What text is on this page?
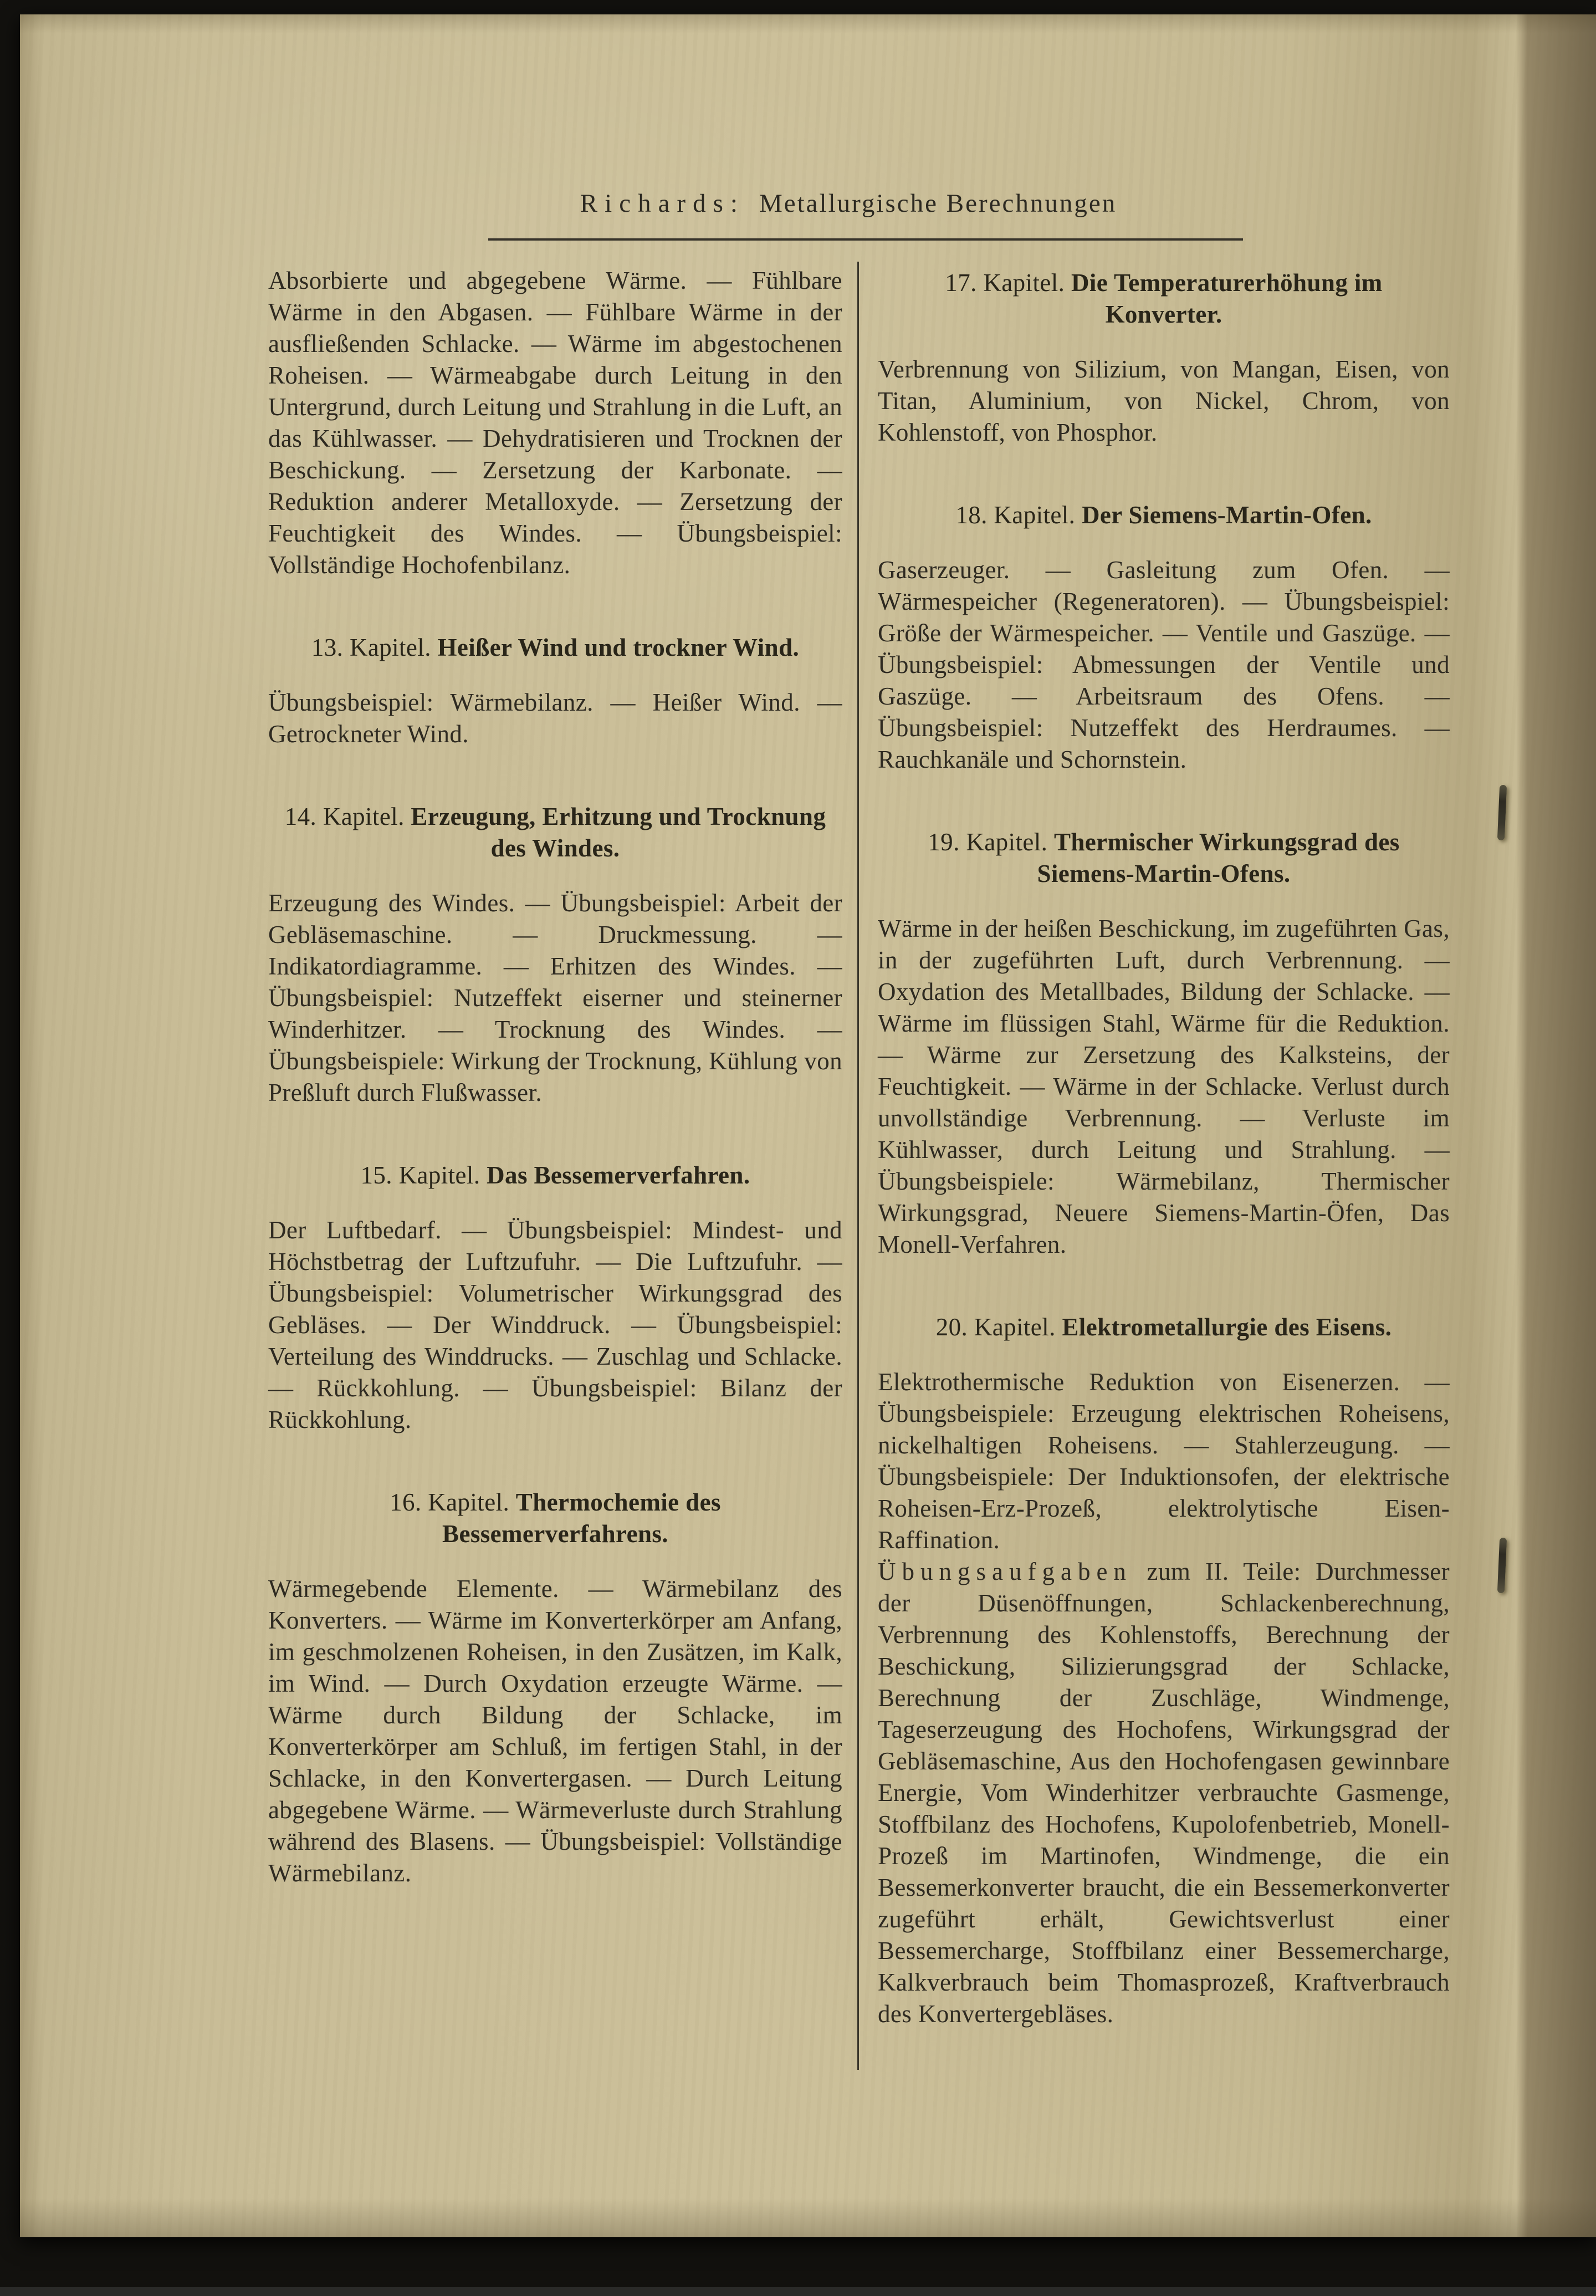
Richards: Metallurgische Berechnungen

Absorbierte und abgegebene Wärme. — Fühlbare Wärme in den Abgasen. — Fühlbare Wärme in der ausfließenden Schlacke. — Wärme im abgestochenen Roheisen. — Wärmeabgabe durch Leitung in den Untergrund, durch Leitung und Strahlung in die Luft, an das Kühlwasser. — Dehydratisieren und Trocknen der Beschickung. — Zersetzung der Karbonate. — Reduktion anderer Metalloxyde. — Zersetzung der Feuchtigkeit des Windes. — Übungsbeispiel: Vollständige Hochofenbilanz.

13. Kapitel. Heißer Wind und trockner Wind.

Übungsbeispiel: Wärmebilanz. — Heißer Wind. — Getrockneter Wind.

14. Kapitel. Erzeugung, Erhitzung und Trocknung des Windes.

Erzeugung des Windes. — Übungsbeispiel: Arbeit der Gebläsemaschine. — Druckmessung. — Indikatordiagramme. — Erhitzen des Windes. — Übungsbeispiel: Nutzeffekt eiserner und steinerner Winderhitzer. — Trocknung des Windes. — Übungsbeispiele: Wirkung der Trocknung, Kühlung von Preßluft durch Flußwasser.

15. Kapitel. Das Bessemerverfahren.

Der Luftbedarf. — Übungsbeispiel: Mindest- und Höchstbetrag der Luftzufuhr. — Die Luftzufuhr. — Übungsbeispiel: Volumetrischer Wirkungsgrad des Gebläses. — Der Winddruck. — Übungsbeispiel: Verteilung des Winddrucks. — Zuschlag und Schlacke. — Rückkohlung. — Übungsbeispiel: Bilanz der Rückkohlung.

16. Kapitel. Thermochemie des Bessemerverfahrens.

Wärmegebende Elemente. — Wärmebilanz des Konverters. — Wärme im Konverterkörper am Anfang, im geschmolzenen Roheisen, in den Zusätzen, im Kalk, im Wind. — Durch Oxydation erzeugte Wärme. — Wärme durch Bildung der Schlacke, im Konverterkörper am Schluß, im fertigen Stahl, in der Schlacke, in den Konvertergasen. — Durch Leitung abgegebene Wärme. — Wärmeverluste durch Strahlung während des Blasens. — Übungsbeispiel: Vollständige Wärmebilanz.

17. Kapitel. Die Temperaturerhöhung im Konverter.

Verbrennung von Silizium, von Mangan, Eisen, von Titan, Aluminium, von Nickel, Chrom, von Kohlenstoff, von Phosphor.

18. Kapitel. Der Siemens-Martin-Ofen.

Gaserzeuger. — Gasleitung zum Ofen. — Wärmespeicher (Regeneratoren). — Übungsbeispiel: Größe der Wärmespeicher. — Ventile und Gaszüge. — Übungsbeispiel: Abmessungen der Ventile und Gaszüge. — Arbeitsraum des Ofens. — Übungsbeispiel: Nutzeffekt des Herdraumes. — Rauchkanäle und Schornstein.

19. Kapitel. Thermischer Wirkungsgrad des Siemens-Martin-Ofens.

Wärme in der heißen Beschickung, im zugeführten Gas, in der zugeführten Luft, durch Verbrennung. — Oxydation des Metallbades, Bildung der Schlacke. — Wärme im flüssigen Stahl, Wärme für die Reduktion. — Wärme zur Zersetzung des Kalksteins, der Feuchtigkeit. — Wärme in der Schlacke. Verlust durch unvollständige Verbrennung. — Verluste im Kühlwasser, durch Leitung und Strahlung. — Übungsbeispiele: Wärmebilanz, Thermischer Wirkungsgrad, Neuere Siemens-Martin-Öfen, Das Monell-Verfahren.

20. Kapitel. Elektrometallurgie des Eisens.

Elektrothermische Reduktion von Eisenerzen. — Übungsbeispiele: Erzeugung elektrischen Roheisens, nickelhaltigen Roheisens. — Stahlerzeugung. — Übungsbeispiele: Der Induktionsofen, der elektrische Roheisen-Erz-Prozeß, elektrolytische Eisen-Raffination.

Übungsaufgaben zum II. Teile: Durchmesser der Düsenöffnungen, Schlackenberechnung, Verbrennung des Kohlenstoffs, Berechnung der Beschickung, Silizierungsgrad der Schlacke, Berechnung der Zuschläge, Windmenge, Tageserzeugung des Hochofens, Wirkungsgrad der Gebläsemaschine, Aus den Hochofengasen gewinnbare Energie, Vom Winderhitzer verbrauchte Gasmenge, Stoffbilanz des Hochofens, Kupolofenbetrieb, Monell-Prozeß im Martinofen, Windmenge, die ein Bessemerkonverter braucht, die ein Bessemerkonverter zugeführt erhält, Gewichtsverlust einer Bessemercharge, Stoffbilanz einer Bessemercharge, Kalkverbrauch beim Thomasprozeß, Kraftverbrauch des Konvertergebläses.
